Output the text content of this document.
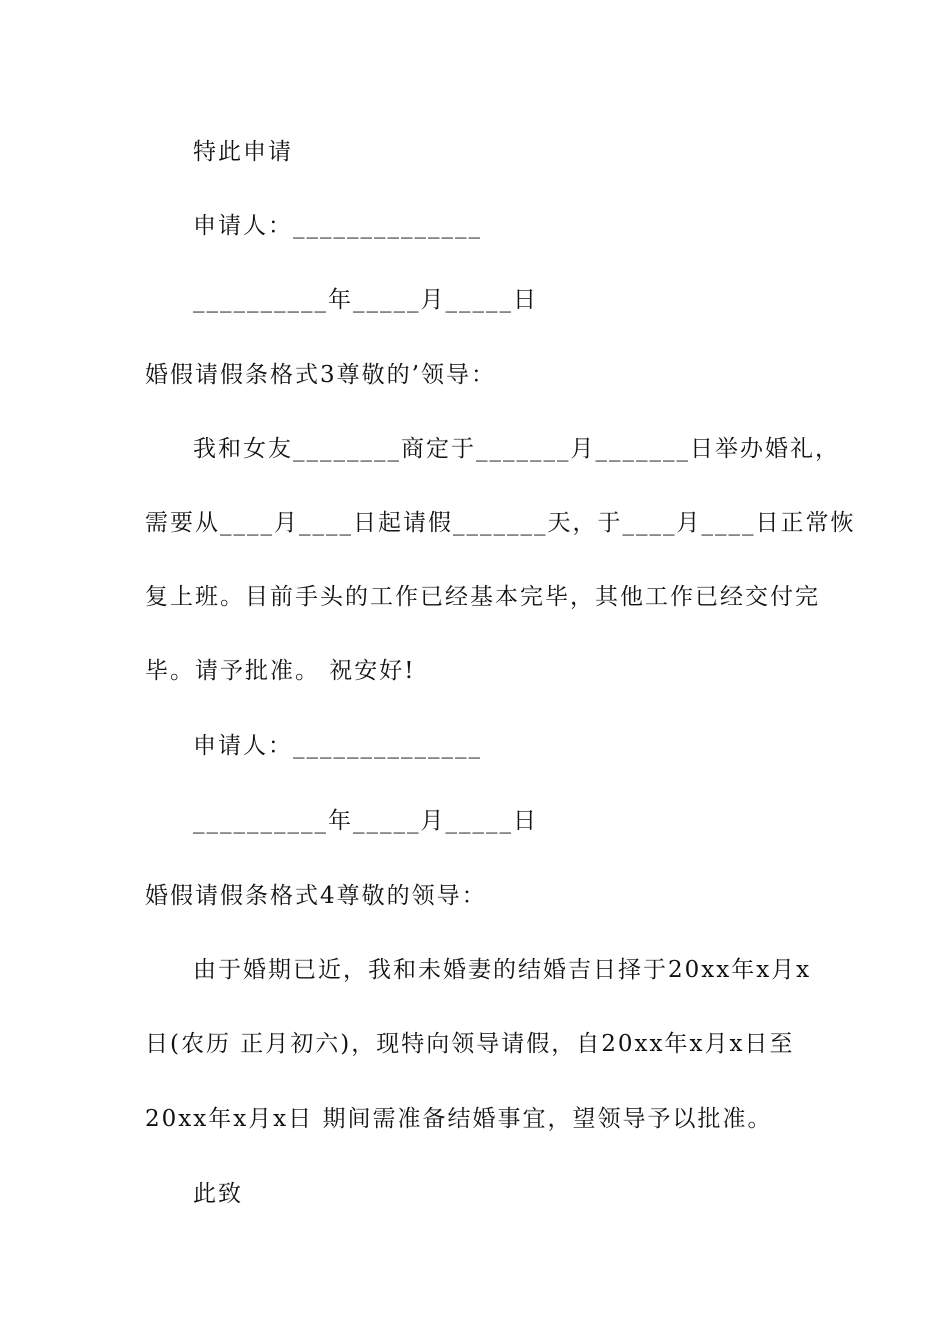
特此申请
申请人：______________
__________年_____月_____日
婚假请假条格式3尊敬的’领导：
我和女友________商定于_______月_______日举办婚礼，
需要从____月____日起请假_______天，于____月____日正常恢
复上班。目前手头的工作已经基本完毕，其他工作已经交付完
毕。请予批准。 祝安好!
申请人：______________
__________年_____月_____日
婚假请假条格式4尊敬的领导：
由于婚期已近，我和未婚妻的结婚吉日择于20xx年x月x
日(农历 正月初六)，现特向领导请假，自20xx年x月x日至
20xx年x月x日 期间需准备结婚事宜，望领导予以批准。
此致
